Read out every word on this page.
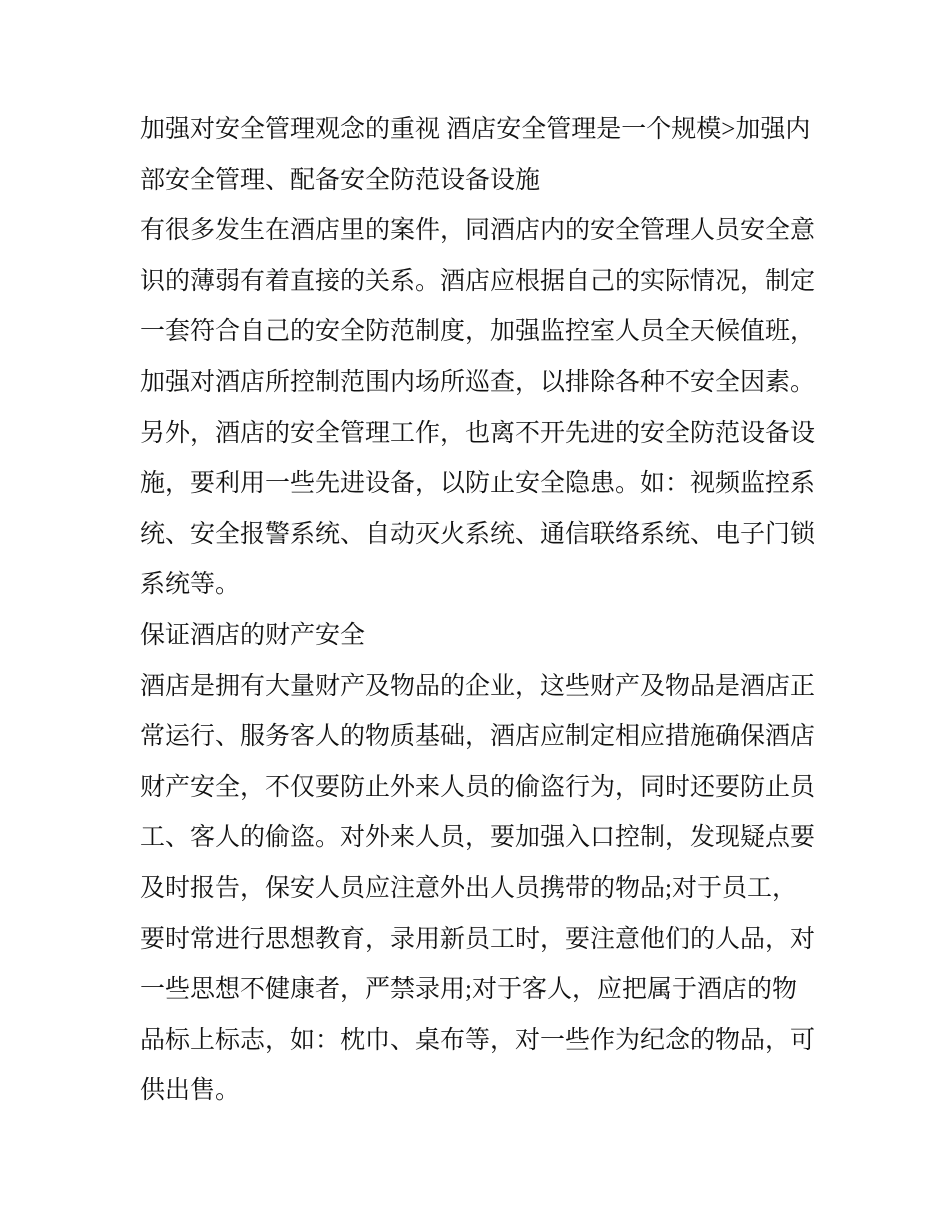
加强对安全管理观念的重视 酒店安全管理是一个规模>加强内
部安全管理、配备安全防范设备设施
有很多发生在酒店里的案件，同酒店内的安全管理人员安全意
识的薄弱有着直接的关系。酒店应根据自己的实际情况，制定
一套符合自己的安全防范制度，加强监控室人员全天候值班，
加强对酒店所控制范围内场所巡查，以排除各种不安全因素。
另外，酒店的安全管理工作，也离不开先进的安全防范设备设
施，要利用一些先进设备，以防止安全隐患。如：视频监控系
统、安全报警系统、自动灭火系统、通信联络系统、电子门锁
系统等。
保证酒店的财产安全
酒店是拥有大量财产及物品的企业，这些财产及物品是酒店正
常运行、服务客人的物质基础，酒店应制定相应措施确保酒店
财产安全，不仅要防止外来人员的偷盗行为，同时还要防止员
工、客人的偷盗。对外来人员，要加强入口控制，发现疑点要
及时报告，保安人员应注意外出人员携带的物品;对于员工，
要时常进行思想教育，录用新员工时，要注意他们的人品，对
一些思想不健康者，严禁录用;对于客人，应把属于酒店的物
品标上标志，如：枕巾、桌布等，对一些作为纪念的物品，可
供出售。
